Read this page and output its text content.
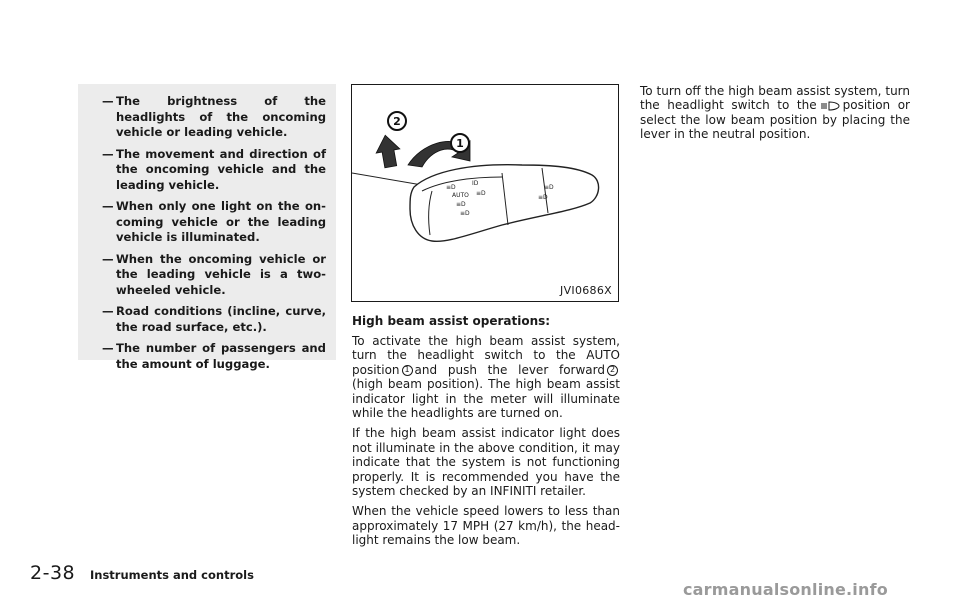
— The brightness of the headlights of the oncoming vehicle or leading vehicle.
— The movement and direction of the oncoming vehicle and the leading vehicle.
— When only one light on the on-coming vehicle or the leading vehicle is illuminated.
— When the oncoming vehicle or the leading vehicle is a two-wheeled vehicle.
— Road conditions (incline, curve, the road surface, etc.).
— The number of passengers and the amount of luggage.
≡D
AUTO
≡D
≡D
ID
≡D
≡D
≡D
1
2
JVI0686X

High beam assist operations:

To activate the high beam assist system, turn the headlight switch to the AUTO position 1 and push the lever forward 2(high beam position). The high beam assist indicator light in the meter will illuminate while the headlights are turned on.

If the high beam assist indicator light does not illuminate in the above condition, it may indicate that the system is not functioning properly. It is recommended you have the system checked by an INFINITI retailer.

When the vehicle speed lowers to less than approximately 17 MPH (27 km/h), the head-light remains the low beam.

To turn off the high beam assist system, turn the headlight switch to the position or select the low beam position by placing the lever in the neutral position.

2-38 Instruments and controls
carmanualsonline.info
